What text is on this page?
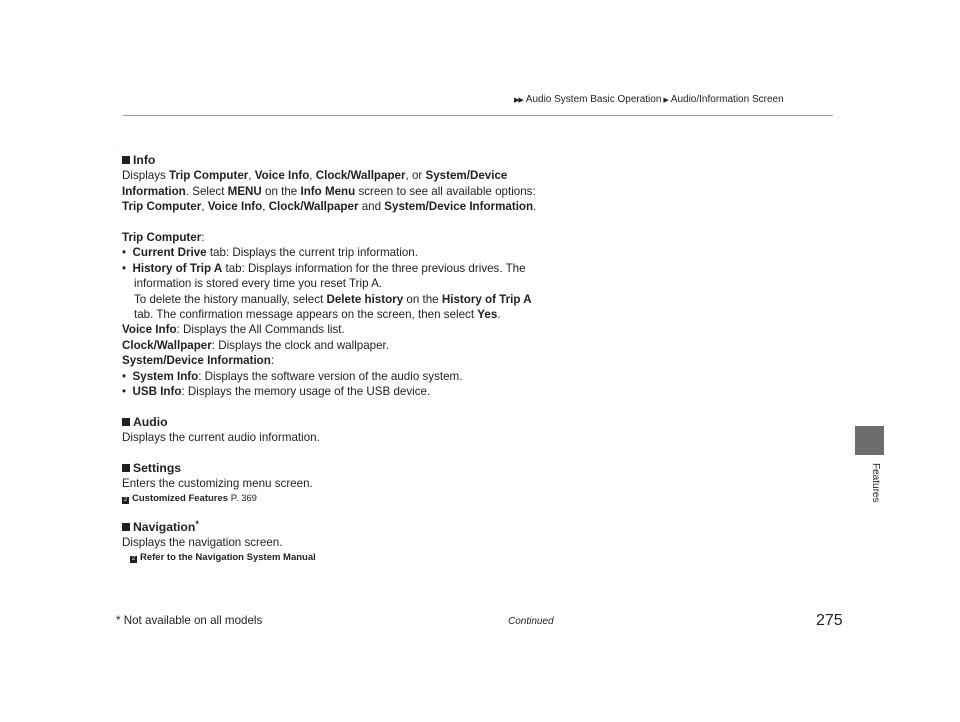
▶▶ Audio System Basic Operation ▶ Audio/Information Screen
Features

Info

Displays Trip Computer, Voice Info, Clock/Wallpaper, or System/Device

Information. Select MENU on the Info Menu screen to see all available options:

Trip Computer, Voice Info, Clock/Wallpaper and System/Device Information.

Trip Computer:

•  Current Drive tab: Displays the current trip information.

•  History of Trip A tab: Displays information for the three previous drives. The

information is stored every time you reset Trip A.

To delete the history manually, select Delete history on the History of Trip A

tab. The confirmation message appears on the screen, then select Yes.

Voice Info: Displays the All Commands list.

Clock/Wallpaper: Displays the clock and wallpaper.

System/Device Information:

•  System Info: Displays the software version of the audio system.

•  USB Info: Displays the memory usage of the USB device.

Audio

Displays the current audio information.

Settings

Enters the customizing menu screen.

2 Customized Features P. 369

Navigation*

Displays the navigation screen.

2 Refer to the Navigation System Manual

* Not available on all models	Continued	275
